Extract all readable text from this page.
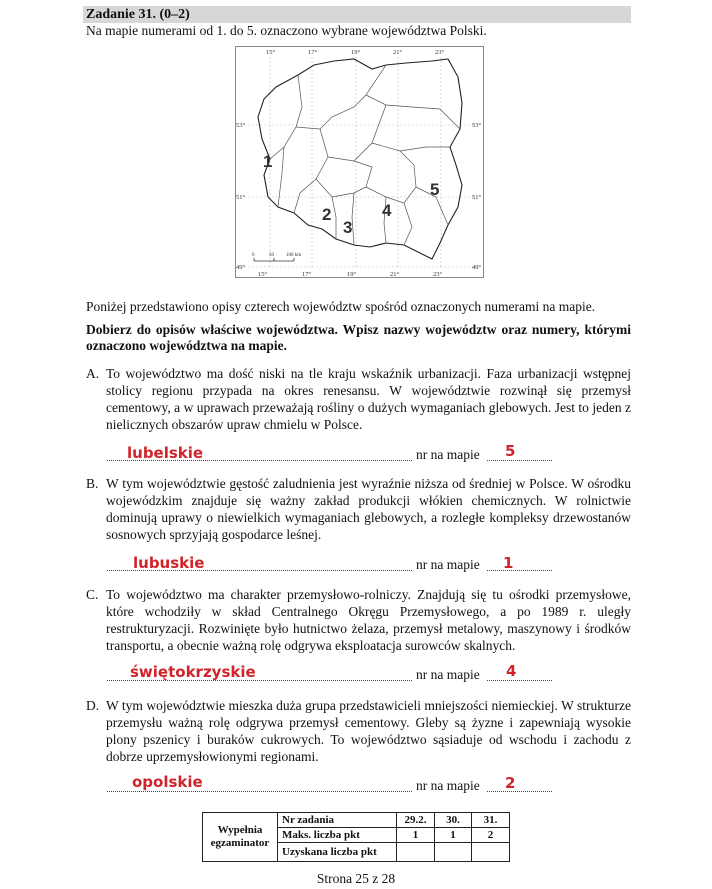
Zadanie 31. (0–2)
Na mapie numerami od 1. do 5. oznaczono wybrane województwa Polski.
15°	17°	19°	21°	23°
15°	17°	19°	21°	23°
53°
51°
49°
53°
51°
49°
1
2
3
4
5
0	50 100 km
Poniżej przedstawiono opisy czterech województw spośród oznaczonych numerami na mapie.
Dobierz do opisów właściwe województwa. Wpisz nazwy województw oraz numery, którymi oznaczono województwa na mapie.
A. To województwo ma dość niski na tle kraju wskaźnik urbanizacji. Faza urbanizacji wstępnej stolicy regionu przypada na okres renesansu. W województwie rozwinął się przemysł cementowy, a w uprawach przeważają rośliny o dużych wymaganiach glebowych. Jest to jeden z nielicznych obszarów upraw chmielu w Polsce.
lubelskie	nr na mapie 5
B. W tym województwie gęstość zaludnienia jest wyraźnie niższa od średniej w Polsce. W ośrodku wojewódzkim znajduje się ważny zakład produkcji włókien chemicznych. W rolnictwie dominują uprawy o niewielkich wymaganiach glebowych, a rozległe kompleksy drzewostanów sosnowych sprzyjają gospodarce leśnej.
lubuskie	nr na mapie 1
C. To województwo ma charakter przemysłowo-rolniczy. Znajdują się tu ośrodki przemysłowe, które wchodziły w skład Centralnego Okręgu Przemysłowego, a po 1989 r. uległy restrukturyzacji. Rozwinięte było hutnictwo żelaza, przemysł metalowy, maszynowy i środków transportu, a obecnie ważną rolę odgrywa eksploatacja surowców skalnych.
świętokrzyskie	nr na mapie 4
D. W tym województwie mieszka duża grupa przedstawicieli mniejszości niemieckiej. W strukturze przemysłu ważną rolę odgrywa przemysł cementowy. Gleby są żyzne i zapewniają wysokie plony pszenicy i buraków cukrowych. To województwo sąsiaduje od wschodu i zachodu z dobrze uprzemysłowionymi regionami.
opolskie	nr na mapie 2
Wypełnia egzaminator	Nr zadania	29.2.	30.	31.
	Maks. liczba pkt	1	1	2
	Uzyskana liczba pkt			
Strona 25 z 28
